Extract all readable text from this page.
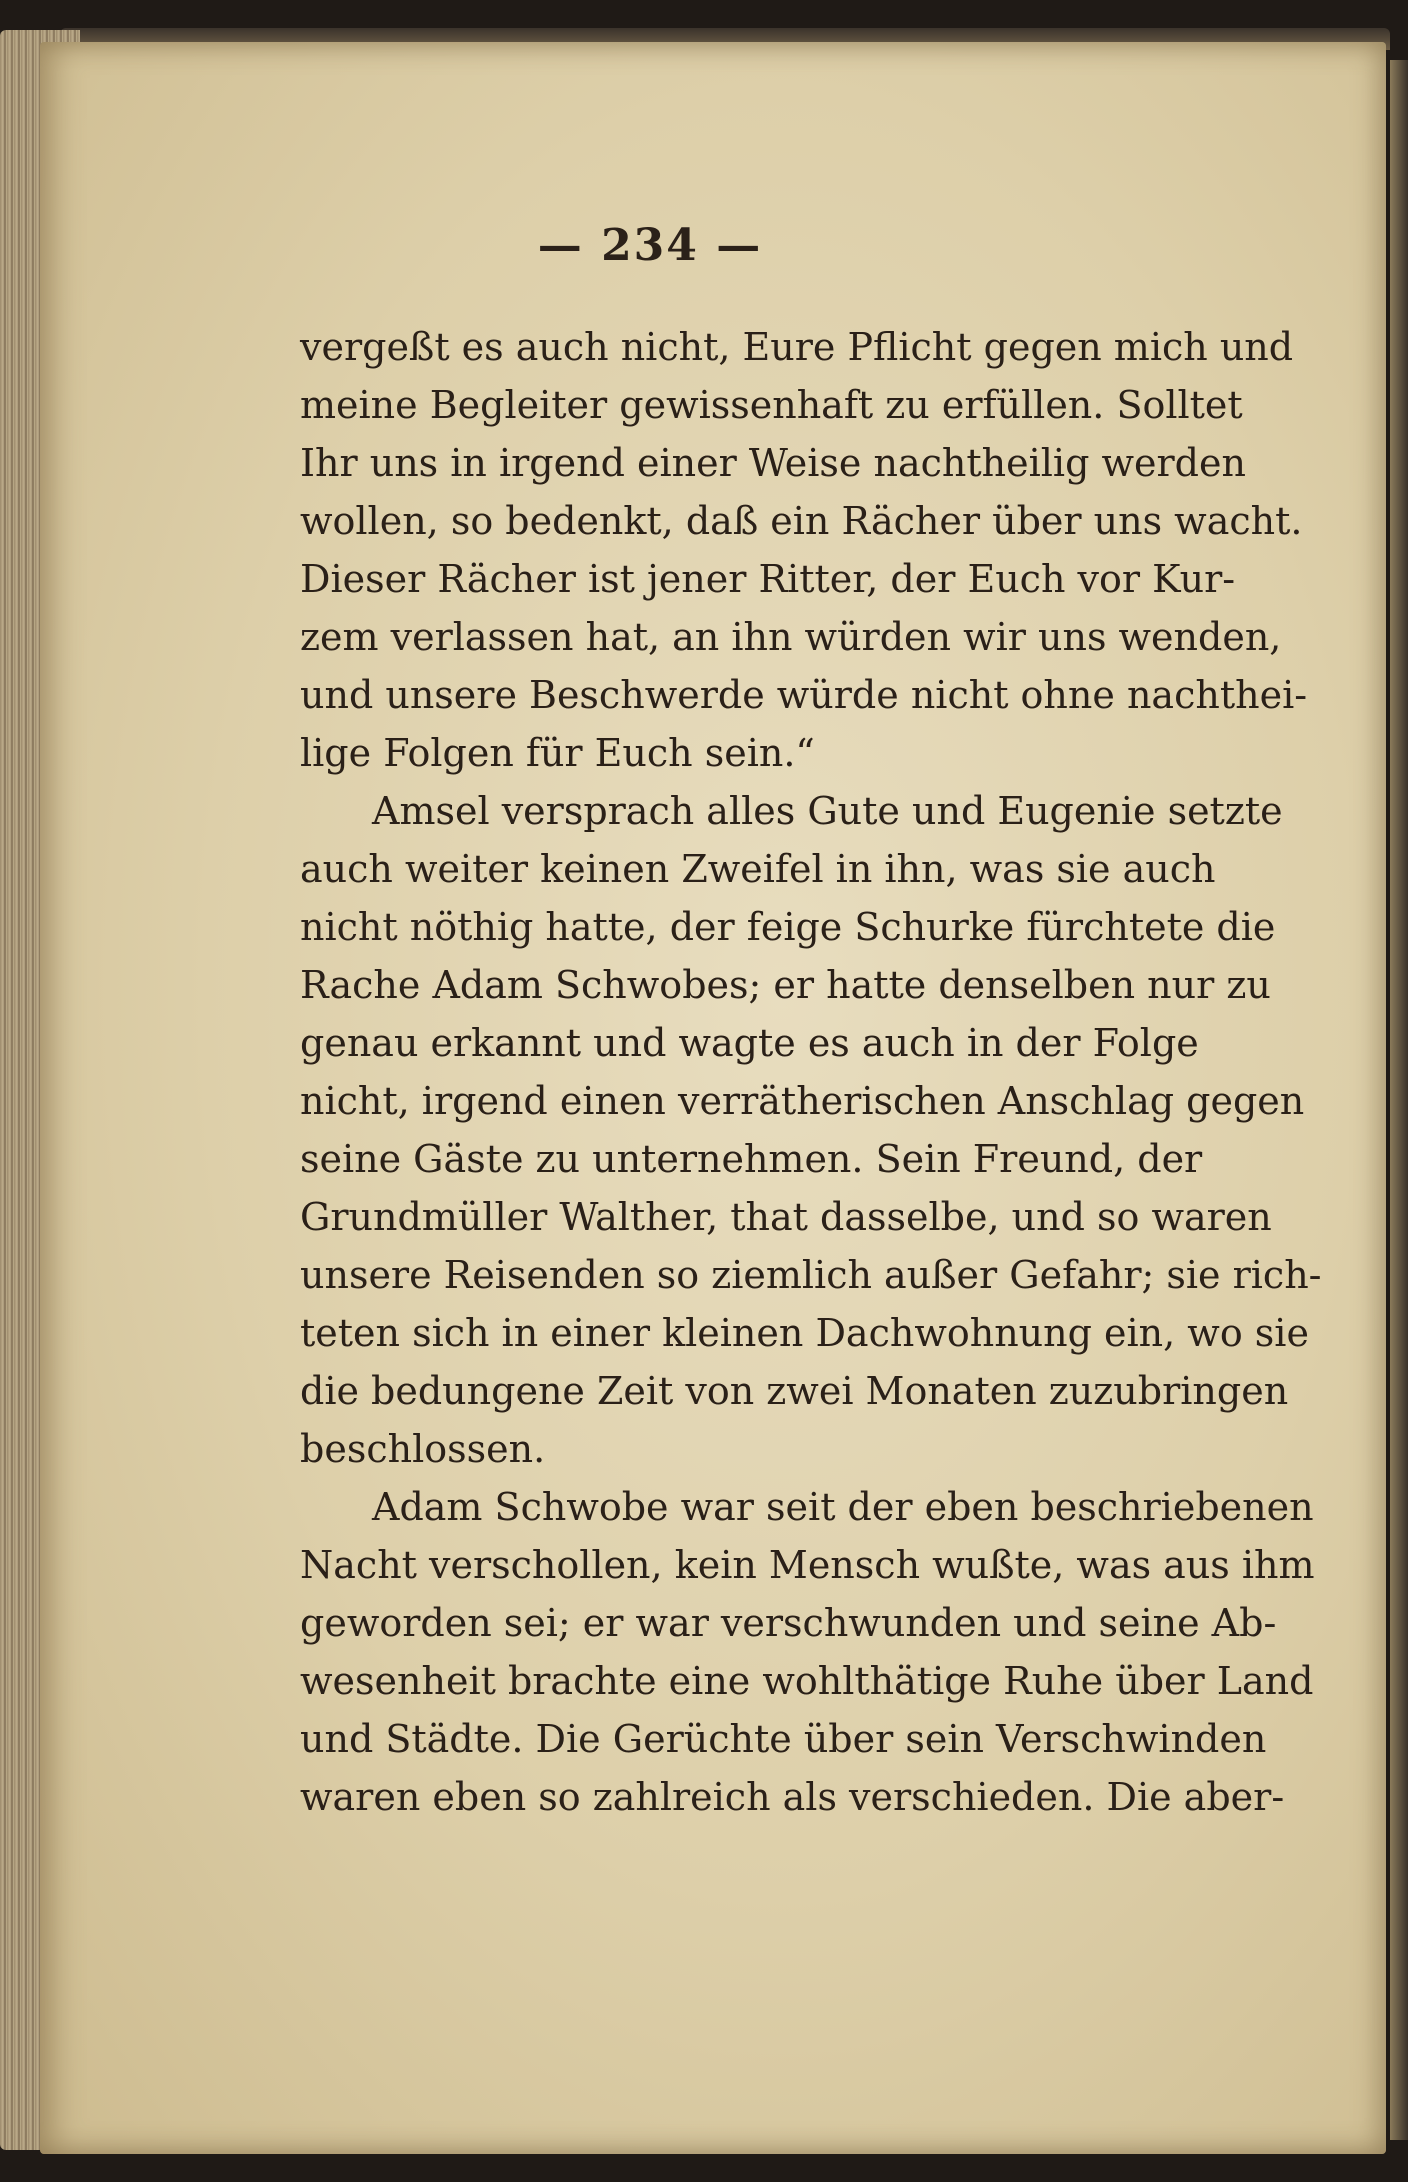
— 234 —
vergeßt es auch nicht, Eure Pflicht gegen mich und
meine Begleiter gewissenhaft zu erfüllen. Solltet
Ihr uns in irgend einer Weise nachtheilig werden
wollen, so bedenkt, daß ein Rächer über uns wacht.
Dieser Rächer ist jener Ritter, der Euch vor Kur-
zem verlassen hat, an ihn würden wir uns wenden,
und unsere Beschwerde würde nicht ohne nachthei-
lige Folgen für Euch sein.“
Amsel versprach alles Gute und Eugenie setzte
auch weiter keinen Zweifel in ihn, was sie auch
nicht nöthig hatte, der feige Schurke fürchtete die
Rache Adam Schwobes; er hatte denselben nur zu
genau erkannt und wagte es auch in der Folge
nicht, irgend einen verrätherischen Anschlag gegen
seine Gäste zu unternehmen. Sein Freund, der
Grundmüller Walther, that dasselbe, und so waren
unsere Reisenden so ziemlich außer Gefahr; sie rich-
teten sich in einer kleinen Dachwohnung ein, wo sie
die bedungene Zeit von zwei Monaten zuzubringen
beschlossen.
Adam Schwobe war seit der eben beschriebenen
Nacht verschollen, kein Mensch wußte, was aus ihm
geworden sei; er war verschwunden und seine Ab-
wesenheit brachte eine wohlthätige Ruhe über Land
und Städte. Die Gerüchte über sein Verschwinden
waren eben so zahlreich als verschieden. Die aber-
